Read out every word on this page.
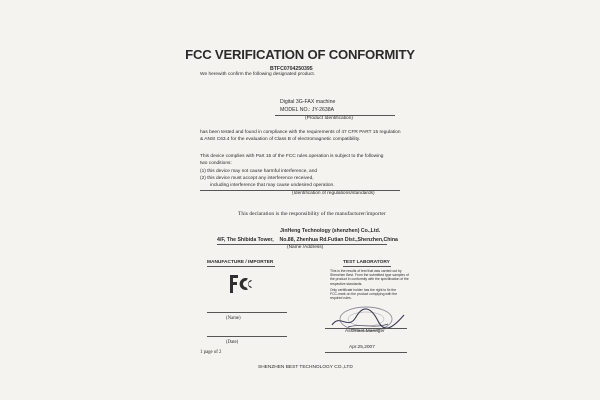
FCC VERIFICATION OF CONFORMITY
BTFC0704250395
We herewith confirm the following designated product.
Digital 3G-FAX machine
MODEL NO.: JY-2638A
(Product Identification)
has been tested and found in compliance with the requirements of 47 CFR PART 15 regulation
& ANSI C63.4 for the evaluation of Class B of electromagnetic compatibility.
This device complies with Part 15 of the FCC rules.operation is subject to the following
two conditions:
(1) this device may not cause harmful interference, and
(2) this device must accept any interference received,
including interference that may cause undesired operation.
(Identification of regulations/standards)
This declaration is the responsibility of the manufacturer/importer
JinHeng Technology (shenzhen) Co.,Ltd.
4/F, The Shibida Tower,    No.88, Zhenhua Rd.Futian Dist.,Shenzhen,China
(Name /Address)
MANUFACTURE / IMPORTER
(Name)
(Date)
TEST LABORATORY
This is the results of test that was carried out by
Shenzhen Best. From the submitted type samples of
the product in conformity with the specification of the
respective standards.
Only certificate holder has the right to fix the
FCC-mark on the product complying with the
required rules.
Assistant Manager
Apr.25,2007
1 page of 2
SHENZHEN BEST TECHNOLOGY CO.,LTD
